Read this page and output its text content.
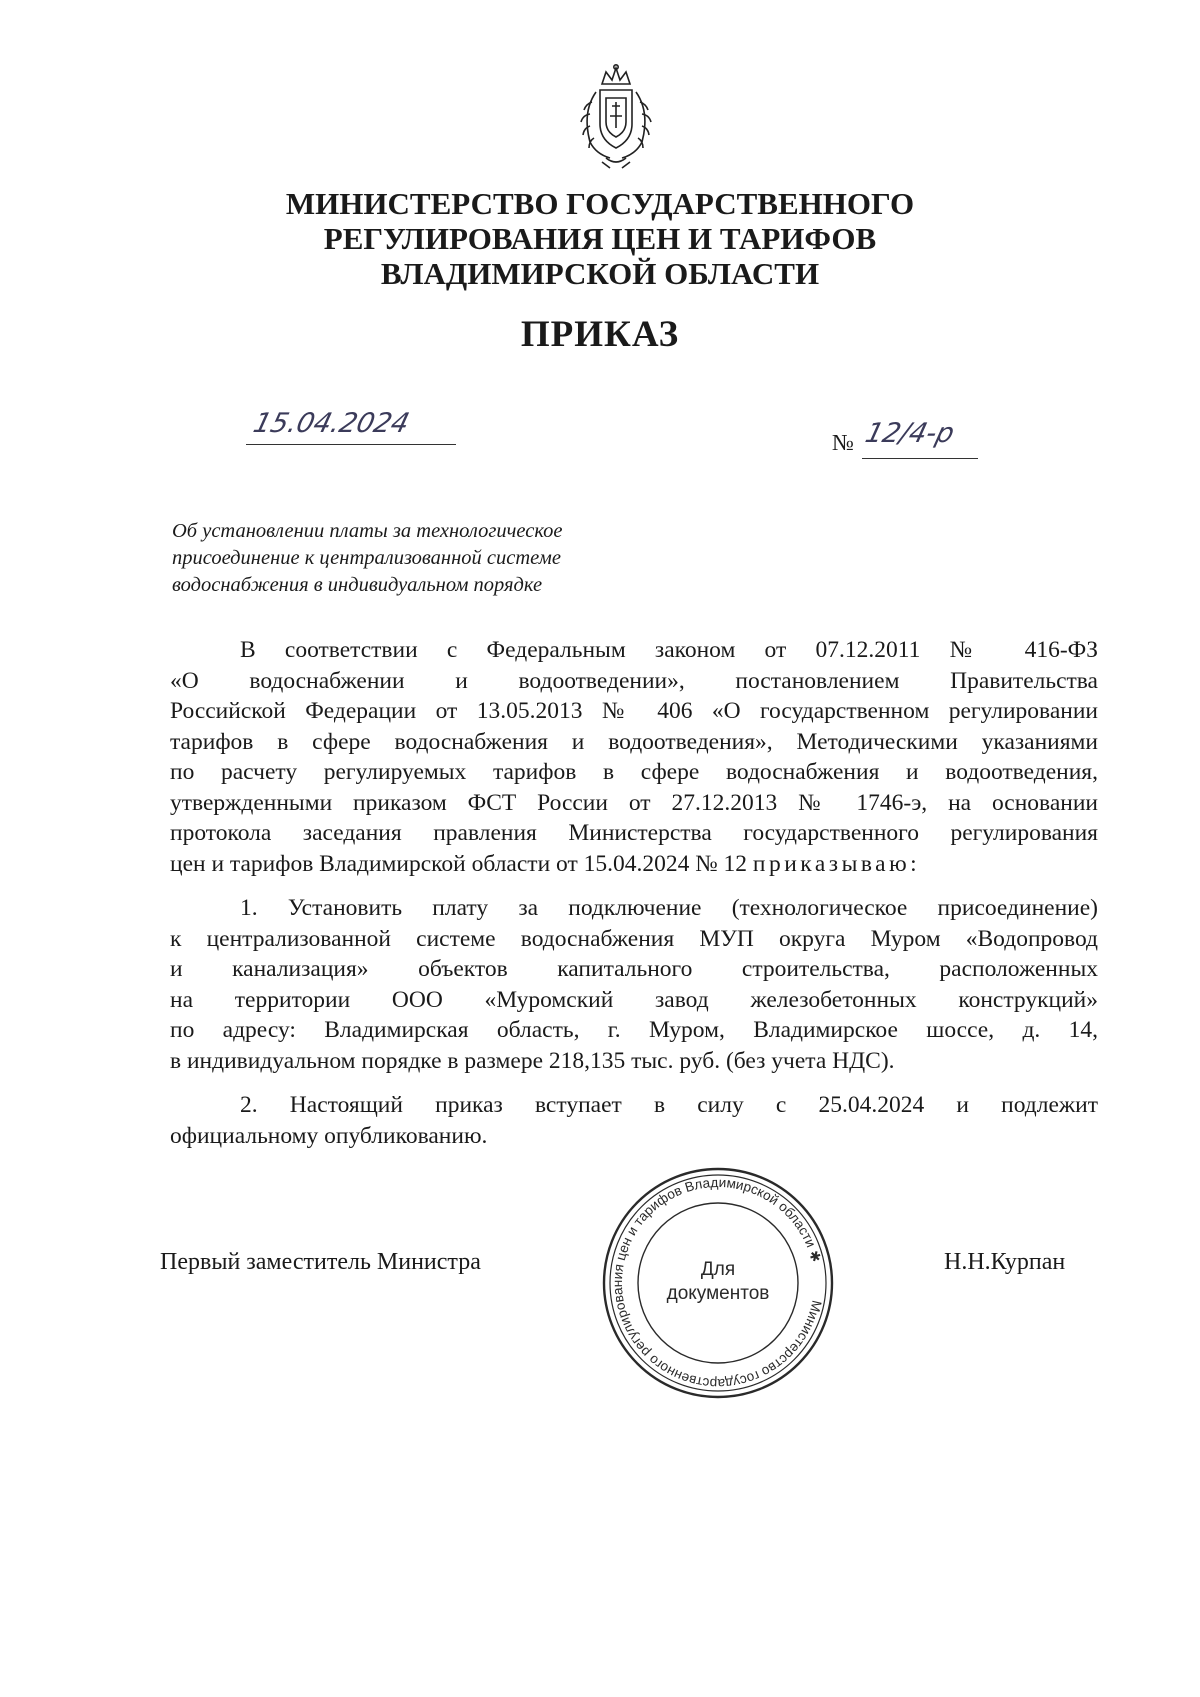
МИНИСТЕРСТВО ГОСУДАРСТВЕННОГО
РЕГУЛИРОВАНИЯ ЦЕН И ТАРИФОВ
ВЛАДИМИРСКОЙ ОБЛАСТИ
ПРИКАЗ
15.04.2024
№ 12/4-р
Об установлении платы за технологическое
присоединение к централизованной системе
водоснабжения в индивидуальном порядке
В соответствии с Федеральным законом от 07.12.2011 № 416-ФЗ
«О водоснабжении и водоотведении», постановлением Правительства
Российской Федерации от 13.05.2013 № 406 «О государственном регулировании
тарифов в сфере водоснабжения и водоотведения», Методическими указаниями
по расчету регулируемых тарифов в сфере водоснабжения и водоотведения,
утвержденными приказом ФСТ России от 27.12.2013 № 1746-э, на основании
протокола заседания правления Министерства государственного регулирования
цен и тарифов Владимирской области от 15.04.2024 № 12 приказываю:
1. Установить плату за подключение (технологическое присоединение)
к централизованной системе водоснабжения МУП округа Муром «Водопровод
и канализация» объектов капитального строительства, расположенных
на территории ООО «Муромский завод железобетонных конструкций»
по адресу: Владимирская область, г. Муром, Владимирское шоссе, д. 14,
в индивидуальном порядке в размере 218,135 тыс. руб. (без учета НДС).
2. Настоящий приказ вступает в силу с 25.04.2024 и подлежит
официальному опубликованию.
Первый заместитель Министра
Министерство государственного регулирования цен и тарифов Владимирской области ✱
Для
документов
Н.Н.Курпан
